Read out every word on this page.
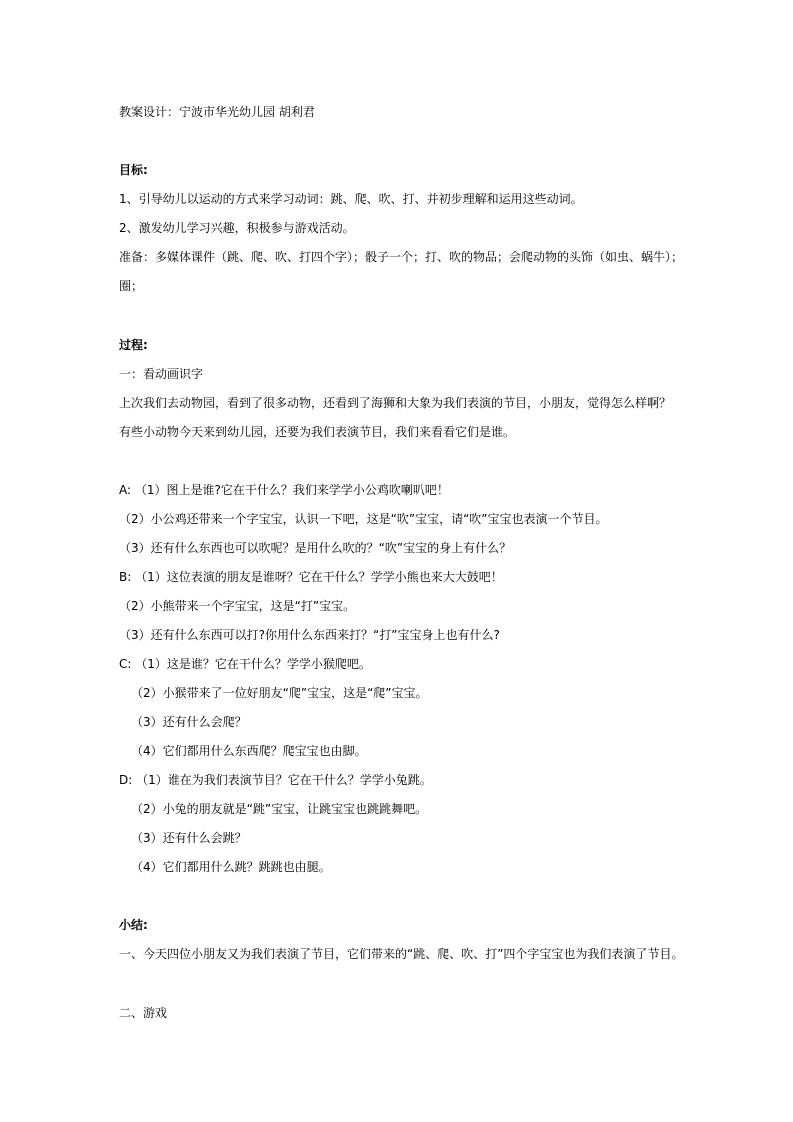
教案设计：宁波市华光幼儿园 胡利君
目标:
1、引导幼儿以运动的方式来学习动词：跳、爬、吹、打、并初步理解和运用这些动词。
2、激发幼儿学习兴趣，积极参与游戏活动。
准备：多媒体课件（跳、爬、吹、打四个字）；骰子一个；打、吹的物品；会爬动物的头饰（如虫、蜗牛）；
圈；
过程:
一：看动画识字
上次我们去动物园，看到了很多动物，还看到了海狮和大象为我们表演的节目，小朋友，觉得怎么样啊？
有些小动物今天来到幼儿园，还要为我们表演节目，我们来看看它们是谁。
A: （1）图上是谁?它在干什么？我们来学学小公鸡吹喇叭吧！
（2）小公鸡还带来一个字宝宝，认识一下吧，这是“吹”宝宝，请“吹”宝宝也表演一个节目。
（3）还有什么东西也可以吹呢？是用什么吹的？“吹”宝宝的身上有什么？
B: （1）这位表演的朋友是谁呀？它在干什么？学学小熊也来大大鼓吧！
（2）小熊带来一个字宝宝，这是“打”宝宝。
（3）还有什么东西可以打?你用什么东西来打？“打”宝宝身上也有什么?
C: （1）这是谁？它在干什么？学学小猴爬吧。
（2）小猴带来了一位好朋友“爬”宝宝，这是“爬”宝宝。
（3）还有什么会爬？
（4）它们都用什么东西爬？爬宝宝也由脚。
D: （1）谁在为我们表演节目？它在干什么？学学小兔跳。
（2）小兔的朋友就是“跳”宝宝，让跳宝宝也跳跳舞吧。
（3）还有什么会跳？
（4）它们都用什么跳？跳跳也由腿。
小结:
一、今天四位小朋友又为我们表演了节目，它们带来的“跳、爬、吹、打”四个字宝宝也为我们表演了节目。
二、游戏
